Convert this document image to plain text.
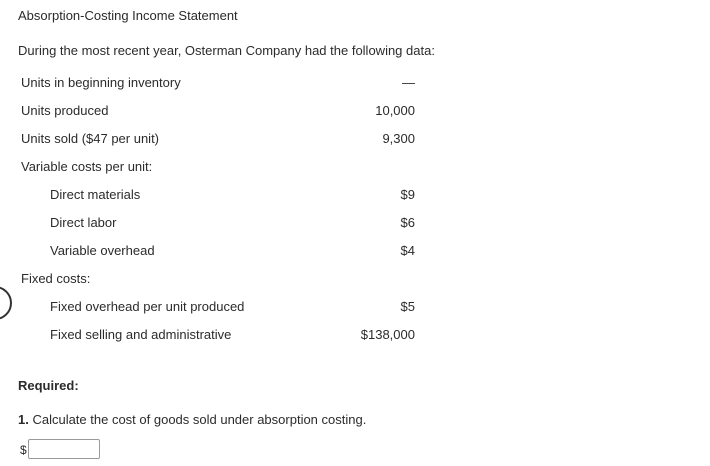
Absorption-Costing Income Statement
During the most recent year, Osterman Company had the following data:
Units in beginning inventory	—
Units produced	10,000
Units sold ($47 per unit)	9,300
Variable costs per unit:
Direct materials	$9
Direct labor	$6
Variable overhead	$4
Fixed costs:
Fixed overhead per unit produced	$5
Fixed selling and administrative	$138,000
Required:
1. Calculate the cost of goods sold under absorption costing.
$
